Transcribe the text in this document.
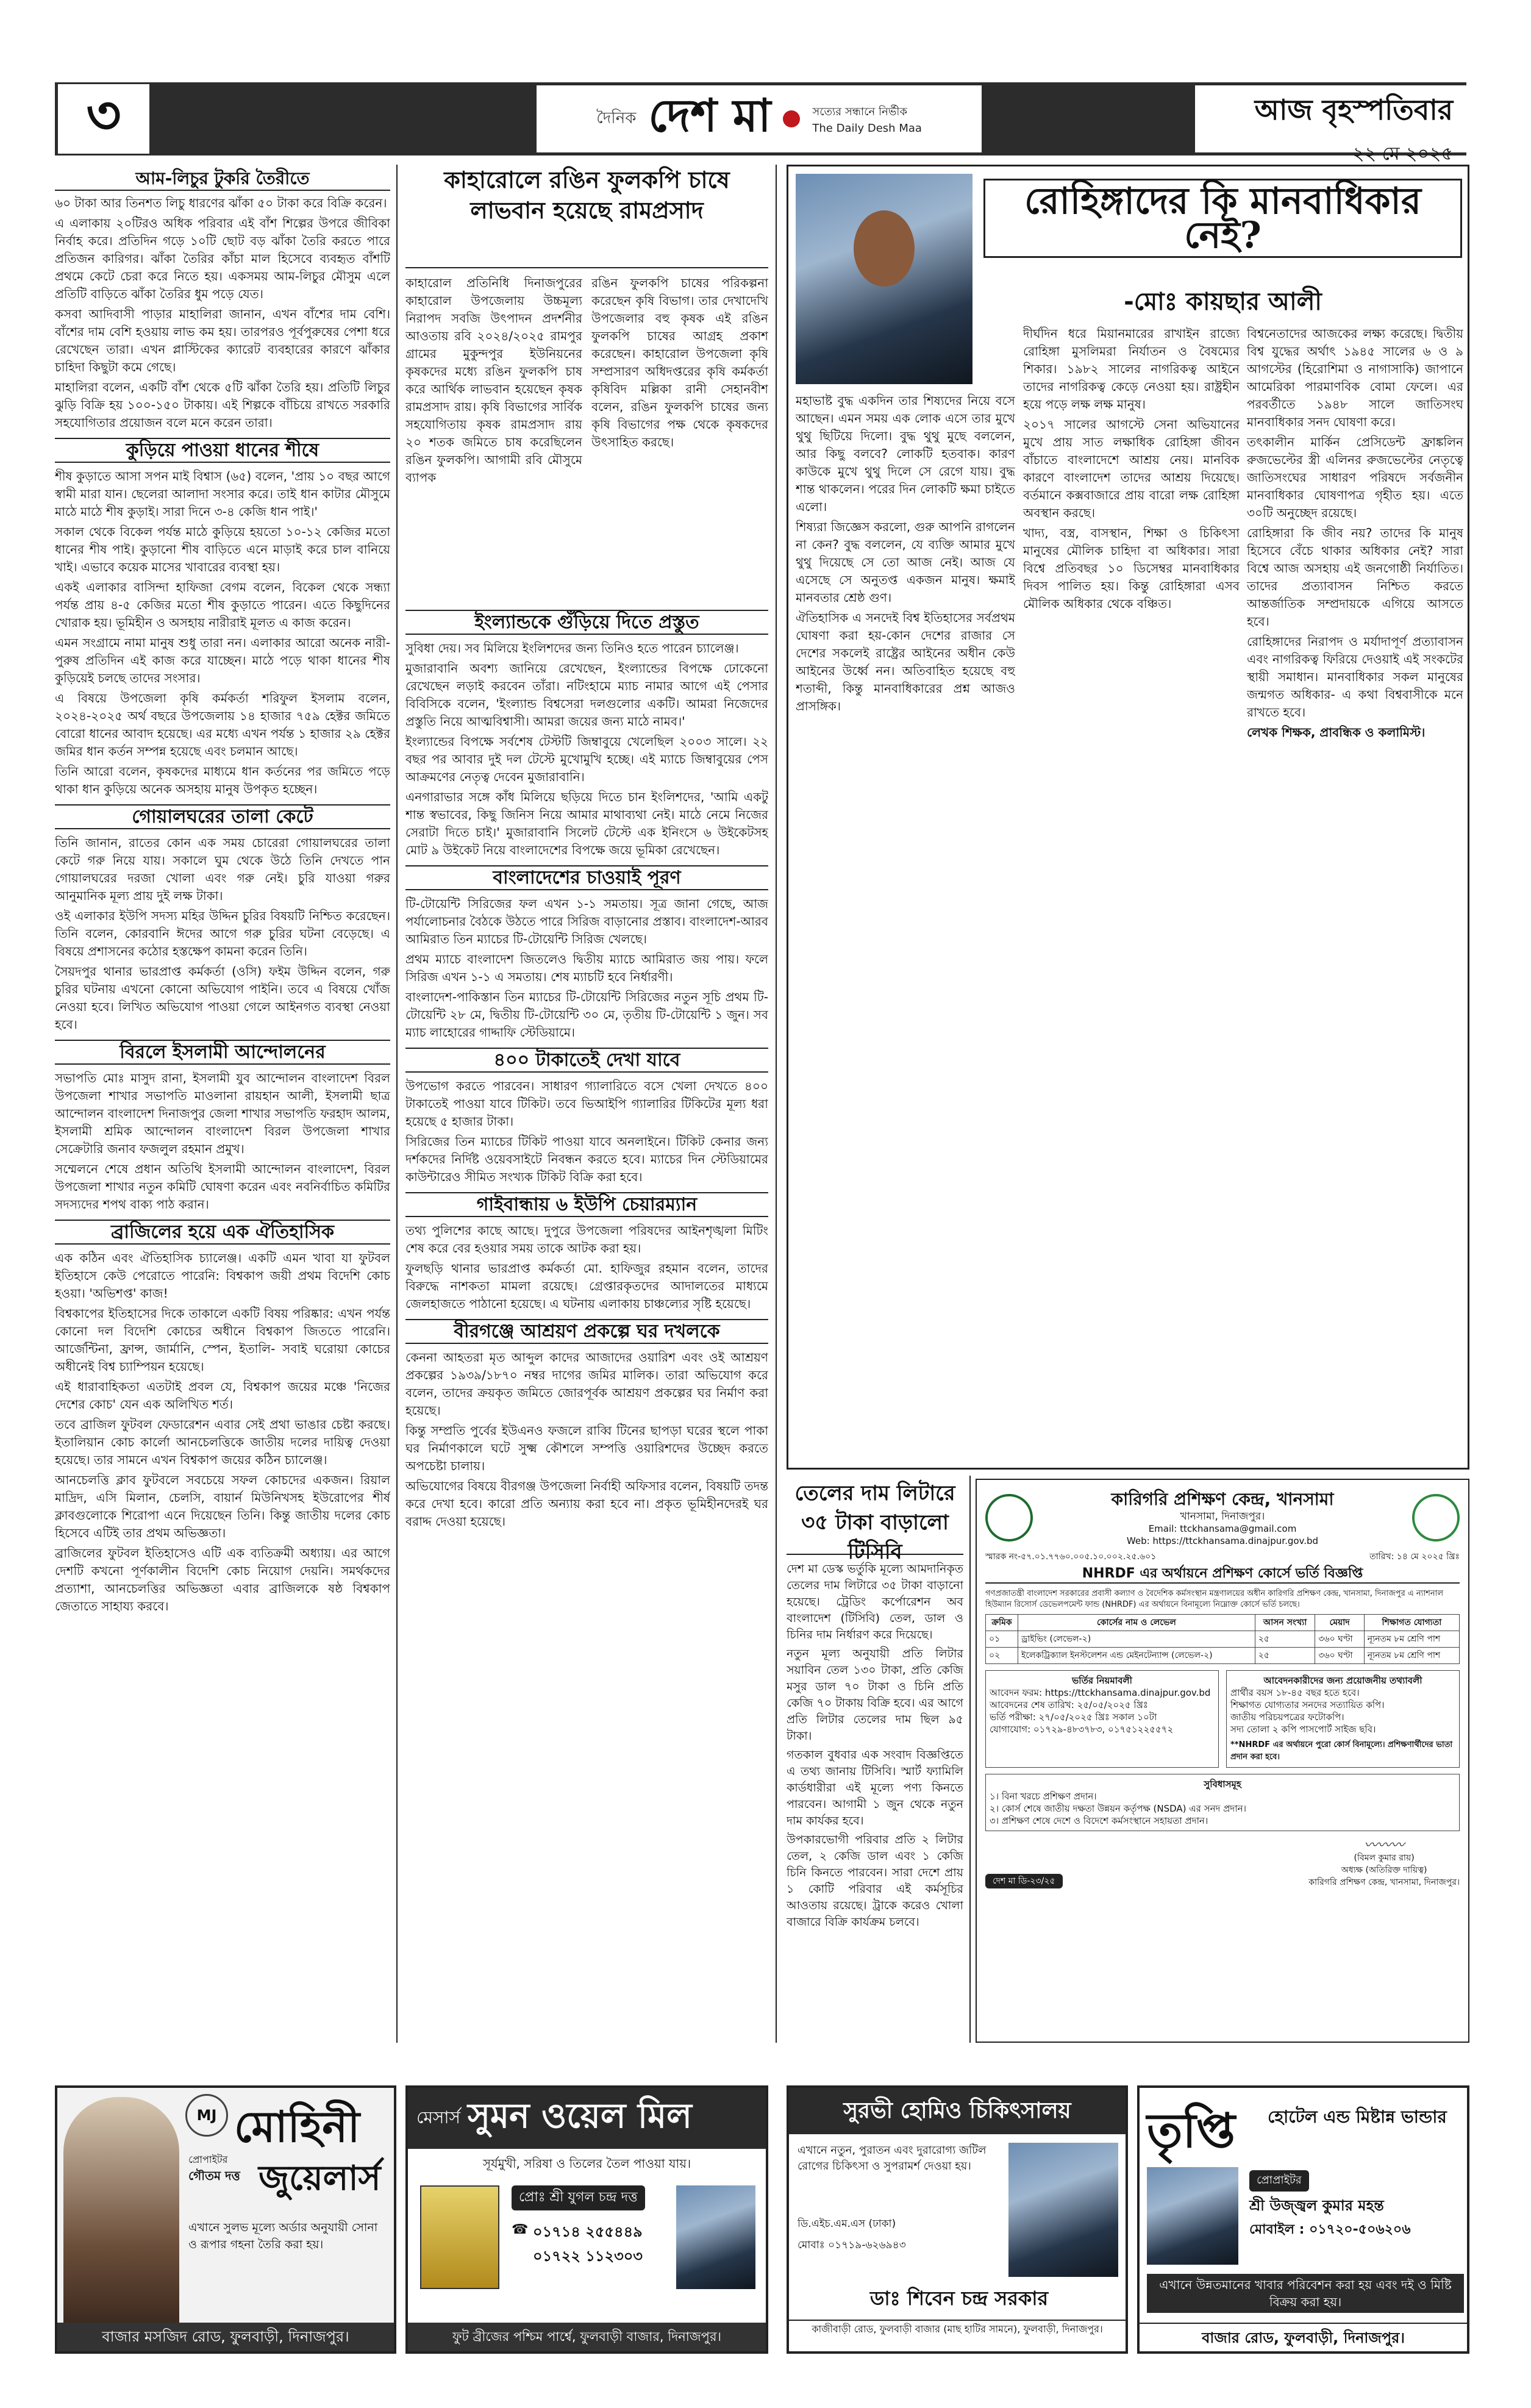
৩	দৈনিক দেশ মা	সত্যের সন্ধানে নির্ভীক
The Daily Desh Maa
আজ বৃহস্পতিবার
২২ মে ২০২৫
আম-লিচুর টুকরি তৈরীতে

৬০ টাকা আর তিনশত লিচু ধারণের ঝাঁকা ৫০ টাকা করে বিক্রি করেন।

এ এলাকায় ২০টিরও অধিক পরিবার এই বাঁশ শিল্পের উপরে জীবিকা নির্বাহ করে। প্রতিদিন গড়ে ১০টি ছোট বড় ঝাঁকা তৈরি করতে পারে প্রতিজন কারিগর। ঝাঁকা তৈরির কাঁচা মাল হিসেবে ব্যবহৃত বাঁশটি প্রথমে কেটে চেরা করে নিতে হয়। একসময় আম-লিচুর মৌসুম এলে প্রতিটি বাড়িতে ঝাঁকা তৈরির ধুম পড়ে যেত।

কসবা আদিবাসী পাড়ার মাহালিরা জানান, এখন বাঁশের দাম বেশি। বাঁশের দাম বেশি হওয়ায় লাভ কম হয়। তারপরও পূর্বপুরুষের পেশা ধরে রেখেছেন তারা। এখন প্লাস্টিকের ক্যারেট ব্যবহারের কারণে ঝাঁকার চাহিদা কিছুটা কমে গেছে।

মাহালিরা বলেন, একটি বাঁশ থেকে ৫টি ঝাঁকা তৈরি হয়। প্রতিটি লিচুর ঝুড়ি বিক্রি হয় ১০০-১৫০ টাকায়। এই শিল্পকে বাঁচিয়ে রাখতে সরকারি সহযোগিতার প্রয়োজন বলে মনে করেন তারা।

কুড়িয়ে পাওয়া ধানের শীষে

শীষ কুড়াতে আসা সপন মাই বিশ্বাস (৬৫) বলেন, 'প্রায় ১০ বছর আগে স্বামী মারা যান। ছেলেরা আলাদা সংসার করে। তাই ধান কাটার মৌসুমে মাঠে মাঠে শীষ কুড়াই। সারা দিনে ৩-৪ কেজি ধান পাই।'

সকাল থেকে বিকেল পর্যন্ত মাঠে কুড়িয়ে হয়তো ১০-১২ কেজির মতো ধানের শীষ পাই। কুড়ানো শীষ বাড়িতে এনে মাড়াই করে চাল বানিয়ে খাই। এভাবে কয়েক মাসের খাবারের ব্যবস্থা হয়।

একই এলাকার বাসিন্দা হাফিজা বেগম বলেন, বিকেল থেকে সন্ধ্যা পর্যন্ত প্রায় ৪-৫ কেজির মতো শীষ কুড়াতে পারেন। এতে কিছুদিনের খোরাক হয়। ভূমিহীন ও অসহায় নারীরাই মূলত এ কাজ করেন।

এমন সংগ্রামে নামা মানুষ শুধু তারা নন। এলাকার আরো অনেক নারী-পুরুষ প্রতিদিন এই কাজ করে যাচ্ছেন। মাঠে পড়ে থাকা ধানের শীষ কুড়িয়েই চলছে তাদের সংসার।

এ বিষয়ে উপজেলা কৃষি কর্মকর্তা শরিফুল ইসলাম বলেন, ২০২৪-২০২৫ অর্থ বছরে উপজেলায় ১৪ হাজার ৭৫৯ হেক্টর জমিতে বোরো ধানের আবাদ হয়েছে। এর মধ্যে এখন পর্যন্ত ১ হাজার ২৯ হেক্টর জমির ধান কর্তন সম্পন্ন হয়েছে এবং চলমান আছে।

তিনি আরো বলেন, কৃষকদের মাধ্যমে ধান কর্তনের পর জমিতে পড়ে থাকা ধান কুড়িয়ে অনেক অসহায় মানুষ উপকৃত হচ্ছেন।

গোয়ালঘরের তালা কেটে

তিনি জানান, রাতের কোন এক সময় চোরেরা গোয়ালঘরের তালা কেটে গরু নিয়ে যায়। সকালে ঘুম থেকে উঠে তিনি দেখতে পান গোয়ালঘরের দরজা খোলা এবং গরু নেই। চুরি যাওয়া গরুর আনুমানিক মূল্য প্রায় দুই লক্ষ টাকা।

ওই এলাকার ইউপি সদস্য মহির উদ্দিন চুরির বিষয়টি নিশ্চিত করেছেন। তিনি বলেন, কোরবানি ঈদের আগে গরু চুরির ঘটনা বেড়েছে। এ বিষয়ে প্রশাসনের কঠোর হস্তক্ষেপ কামনা করেন তিনি।

সৈয়দপুর থানার ভারপ্রাপ্ত কর্মকর্তা (ওসি) ফইম উদ্দিন বলেন, গরু চুরির ঘটনায় এখনো কোনো অভিযোগ পাইনি। তবে এ বিষয়ে খোঁজ নেওয়া হবে। লিখিত অভিযোগ পাওয়া গেলে আইনগত ব্যবস্থা নেওয়া হবে।

বিরলে ইসলামী আন্দোলনের

সভাপতি মোঃ মাসুদ রানা, ইসলামী যুব আন্দোলন বাংলাদেশ বিরল উপজেলা শাখার সভাপতি মাওলানা রায়হান আলী, ইসলামী ছাত্র আন্দোলন বাংলাদেশ দিনাজপুর জেলা শাখার সভাপতি ফরহাদ আলম, ইসলামী শ্রমিক আন্দোলন বাংলাদেশ বিরল উপজেলা শাখার সেক্রেটারি জনাব ফজলুল রহমান প্রমুখ।

সম্মেলনে শেষে প্রধান অতিথি ইসলামী আন্দোলন বাংলাদেশ, বিরল উপজেলা শাখার নতুন কমিটি ঘোষণা করেন এবং নবনির্বাচিত কমিটির সদস্যদের শপথ বাক্য পাঠ করান।

ব্রাজিলের হয়ে এক ঐতিহাসিক

এক কঠিন এবং ঐতিহাসিক চ্যালেঞ্জ। একটি এমন খাবা যা ফুটবল ইতিহাসে কেউ পেরোতে পারেনি: বিশ্বকাপ জয়ী প্রথম বিদেশি কোচ হওয়া। 'অভিশপ্ত' কাজ!

বিশ্বকাপের ইতিহাসের দিকে তাকালে একটি বিষয় পরিষ্কার: এখন পর্যন্ত কোনো দল বিদেশি কোচের অধীনে বিশ্বকাপ জিততে পারেনি। আর্জেন্টিনা, ফ্রান্স, জার্মানি, স্পেন, ইতালি- সবাই ঘরোয়া কোচের অধীনেই বিশ্ব চ্যাম্পিয়ন হয়েছে।

এই ধারাবাহিকতা এতটাই প্রবল যে, বিশ্বকাপ জয়ের মঞ্চে 'নিজের দেশের কোচ' যেন এক অলিখিত শর্ত।

তবে ব্রাজিল ফুটবল ফেডারেশন এবার সেই প্রথা ভাঙার চেষ্টা করছে। ইতালিয়ান কোচ কার্লো আনচেলত্তিকে জাতীয় দলের দায়িত্ব দেওয়া হয়েছে। তার সামনে এখন বিশ্বকাপ জয়ের কঠিন চ্যালেঞ্জ।

আনচেলত্তি ক্লাব ফুটবলে সবচেয়ে সফল কোচদের একজন। রিয়াল মাদ্রিদ, এসি মিলান, চেলসি, বায়ার্ন মিউনিখসহ ইউরোপের শীর্ষ ক্লাবগুলোকে শিরোপা এনে দিয়েছেন তিনি। কিন্তু জাতীয় দলের কোচ হিসেবে এটিই তার প্রথম অভিজ্ঞতা।

ব্রাজিলের ফুটবল ইতিহাসেও এটি এক ব্যতিক্রমী অধ্যায়। এর আগে দেশটি কখনো পূর্ণকালীন বিদেশি কোচ নিয়োগ দেয়নি। সমর্থকদের প্রত্যাশা, আনচেলত্তির অভিজ্ঞতা এবার ব্রাজিলকে ষষ্ঠ বিশ্বকাপ জেতাতে সাহায্য করবে।

কাহারোলে রঙিন ফুলকপি চাষে লাভবান হয়েছে রামপ্রসাদ

কাহারোল প্রতিনিধি দিনাজপুরের কাহারোল উপজেলায় উচ্চমূল্য নিরাপদ সবজি উৎপাদন প্রদর্শনীর আওতায় রবি ২০২৪/২০২৫ রামপুর গ্রামের মুকুন্দপুর ইউনিয়নের কৃষকদের মধ্যে রঙিন ফুলকপি চাষ করে আর্থিক লাভবান হয়েছেন কৃষক রামপ্রসাদ রায়। কৃষি বিভাগের সার্বিক সহযোগিতায় কৃষক রামপ্রসাদ রায় ২০ শতক জমিতে চাষ করেছিলেন রঙিন ফুলকপি। আগামী রবি মৌসুমে ব্যাপক

রঙিন ফুলকপি চাষের পরিকল্পনা করেছেন কৃষি বিভাগ। তার দেখাদেখি উপজেলার বহু কৃষক এই রঙিন ফুলকপি চাষের আগ্রহ প্রকাশ করেছেন। কাহারোল উপজেলা কৃষি সম্প্রসারণ অধিদপ্তরের কৃষি কর্মকর্তা কৃষিবিদ মল্লিকা রানী সেহানবীশ বলেন, রঙিন ফুলকপি চাষের জন্য কৃষি বিভাগের পক্ষ থেকে কৃষকদের উৎসাহিত করছে।

ইংল্যান্ডকে গুঁড়িয়ে দিতে প্রস্তুত

সুবিধা দেয়। সব মিলিয়ে ইংলিশদের জন্য তিনিও হতে পারেন চ্যালেঞ্জ।

মুজারাবানি অবশ্য জানিয়ে রেখেছেন, ইংল্যান্ডের বিপক্ষে ঢোকেনো রেখেছেন লড়াই করবেন তাঁরা। নটিংহামে ম্যাচ নামার আগে এই পেসার বিবিসিকে বলেন, 'ইংল্যান্ড বিশ্বসেরা দলগুলোর একটি। আমরা নিজেদের প্রস্তুতি নিয়ে আত্মবিশ্বাসী। আমরা জয়ের জন্য মাঠে নামব।'

ইংল্যান্ডের বিপক্ষে সর্বশেষ টেস্টটি জিম্বাবুয়ে খেলেছিল ২০০৩ সালে। ২২ বছর পর আবার দুই দল টেস্টে মুখোমুখি হচ্ছে। এই ম্যাচে জিম্বাবুয়ের পেস আক্রমণের নেতৃত্ব দেবেন মুজারাবানি।

এনগারাভার সঙ্গে কাঁধ মিলিয়ে ছড়িয়ে দিতে চান ইংলিশদের, 'আমি একটু শান্ত স্বভাবের, কিছু জিনিস নিয়ে আমার মাথাব্যথা নেই। মাঠে নেমে নিজের সেরাটা দিতে চাই।' মুজারাবানি সিলেট টেস্টে এক ইনিংসে ৬ উইকেটসহ মোট ৯ উইকেট নিয়ে বাংলাদেশের বিপক্ষে জয়ে ভূমিকা রেখেছেন।

বাংলাদেশের চাওয়াই পূরণ

টি-টোয়েন্টি সিরিজের ফল এখন ১-১ সমতায়। সূত্র জানা গেছে, আজ পর্যালোচনার বৈঠকে উঠতে পারে সিরিজ বাড়ানোর প্রস্তাব। বাংলাদেশ-আরব আমিরাত তিন ম্যাচের টি-টোয়েন্টি সিরিজ খেলছে।

প্রথম ম্যাচে বাংলাদেশ জিতলেও দ্বিতীয় ম্যাচে আমিরাত জয় পায়। ফলে সিরিজ এখন ১-১ এ সমতায়। শেষ ম্যাচটি হবে নির্ধারণী।

বাংলাদেশ-পাকিস্তান তিন ম্যাচের টি-টোয়েন্টি সিরিজের নতুন সূচি প্রথম টি-টোয়েন্টি ২৮ মে, দ্বিতীয় টি-টোয়েন্টি ৩০ মে, তৃতীয় টি-টোয়েন্টি ১ জুন। সব ম্যাচ লাহোরের গাদ্দাফি স্টেডিয়ামে।

৪০০ টাকাতেই দেখা যাবে

উপভোগ করতে পারবেন। সাধারণ গ্যালারিতে বসে খেলা দেখতে ৪০০ টাকাতেই পাওয়া যাবে টিকিট। তবে ভিআইপি গ্যালারির টিকিটের মূল্য ধরা হয়েছে ৫ হাজার টাকা।

সিরিজের তিন ম্যাচের টিকিট পাওয়া যাবে অনলাইনে। টিকিট কেনার জন্য দর্শকদের নির্দিষ্ট ওয়েবসাইটে নিবন্ধন করতে হবে। ম্যাচের দিন স্টেডিয়ামের কাউন্টারেও সীমিত সংখ্যক টিকিট বিক্রি করা হবে।

গাইবান্ধায় ৬ ইউপি চেয়ারম্যান

তথ্য পুলিশের কাছে আছে। দুপুরে উপজেলা পরিষদের আইনশৃঙ্খলা মিটিং শেষ করে বের হওয়ার সময় তাকে আটক করা হয়।

ফুলছড়ি থানার ভারপ্রাপ্ত কর্মকর্তা মো. হাফিজুর রহমান বলেন, তাদের বিরুদ্ধে নাশকতা মামলা রয়েছে। গ্রেপ্তারকৃতদের আদালতের মাধ্যমে জেলহাজতে পাঠানো হয়েছে। এ ঘটনায় এলাকায় চাঞ্চল্যের সৃষ্টি হয়েছে।

বীরগঞ্জে আশ্রয়ণ প্রকল্পে ঘর দখলকে

কেননা আহতরা মৃত আব্দুল কাদের আজাদের ওয়ারিশ এবং ওই আশ্রয়ণ প্রকল্পের ১৯৩৯/১৮৭০ নম্বর দাগের জমির মালিক। তারা অভিযোগ করে বলেন, তাদের ক্রয়কৃত জমিতে জোরপূর্বক আশ্রয়ণ প্রকল্পের ঘর নির্মাণ করা হয়েছে।

কিন্তু সম্প্রতি পুর্বের ইউএনও ফজলে রাব্বি টিনের ছাপড়া ঘরের স্থলে পাকা ঘর নির্মাণকালে ঘটে সুক্ষ্ম কৌশলে সম্পত্তি ওয়ারিশদের উচ্ছেদ করতে অপচেষ্টা চালায়।

অভিযোগের বিষয়ে বীরগঞ্জ উপজেলা নির্বাহী অফিসার বলেন, বিষয়টি তদন্ত করে দেখা হবে। কারো প্রতি অন্যায় করা হবে না। প্রকৃত ভূমিহীনদেরই ঘর বরাদ্দ দেওয়া হয়েছে।

রোহিঙ্গাদের কি মানবাধিকার নেই?
-মোঃ কায়ছার আলী

মহাভাষ্ট বুদ্ধ একদিন তার শিষ্যদের নিয়ে বসে আছেন। এমন সময় এক লোক এসে তার মুখে থুথু ছিটিয়ে দিলো। বুদ্ধ থুথু মুছে বললেন, আর কিছু বলবে? লোকটি হতবাক। কারণ কাউকে মুখে থুথু দিলে সে রেগে যায়। বুদ্ধ শান্ত থাকলেন। পরের দিন লোকটি ক্ষমা চাইতে এলো।

শিষ্যরা জিজ্ঞেস করলো, গুরু আপনি রাগলেন না কেন? বুদ্ধ বললেন, যে ব্যক্তি আমার মুখে থুথু দিয়েছে সে তো আজ নেই। আজ যে এসেছে সে অনুতপ্ত একজন মানুষ। ক্ষমাই মানবতার শ্রেষ্ঠ গুণ।

ঐতিহাসিক এ সনদেই বিশ্ব ইতিহাসের সর্বপ্রথম ঘোষণা করা হয়-কোন দেশের রাজার সে দেশের সকলেই রাষ্ট্রের আইনের অধীন কেউ আইনের উর্ধ্বে নন। অতিবাহিত হয়েছে বহু শতাব্দী, কিন্তু মানবাধিকারের প্রশ্ন আজও প্রাসঙ্গিক।

দীর্ঘদিন ধরে মিয়ানমারের রাখাইন রাজ্যে রোহিঙ্গা মুসলিমরা নির্যাতন ও বৈষম্যের শিকার। ১৯৮২ সালের নাগরিকত্ব আইনে তাদের নাগরিকত্ব কেড়ে নেওয়া হয়। রাষ্ট্রহীন হয়ে পড়ে লক্ষ লক্ষ মানুষ।

২০১৭ সালের আগস্টে সেনা অভিযানের মুখে প্রায় সাত লক্ষাধিক রোহিঙ্গা জীবন বাঁচাতে বাংলাদেশে আশ্রয় নেয়। মানবিক কারণে বাংলাদেশ তাদের আশ্রয় দিয়েছে। বর্তমানে কক্সবাজারে প্রায় বারো লক্ষ রোহিঙ্গা অবস্থান করছে।

খাদ্য, বস্ত্র, বাসস্থান, শিক্ষা ও চিকিৎসা মানুষের মৌলিক চাহিদা বা অধিকার। সারা বিশ্বে প্রতিবছর ১০ ডিসেম্বর মানবাধিকার দিবস পালিত হয়। কিন্তু রোহিঙ্গারা এসব মৌলিক অধিকার থেকে বঞ্চিত।

বিশ্বনেতাদের আজকের লক্ষ্য করেছে। দ্বিতীয় বিশ্ব যুদ্ধের অর্থাৎ ১৯৪৫ সালের ৬ ও ৯ আগস্টের (হিরোশিমা ও নাগাসাকি) জাপানে আমেরিকা পারমাণবিক বোমা ফেলে। এর পরবর্তীতে ১৯৪৮ সালে জাতিসংঘ মানবাধিকার সনদ ঘোষণা করে।

তৎকালীন মার্কিন প্রেসিডেন্ট ফ্রাঙ্কলিন রুজভেল্টের স্ত্রী এলিনর রুজভেল্টের নেতৃত্বে জাতিসংঘের সাধারণ পরিষদে সর্বজনীন মানবাধিকার ঘোষণাপত্র গৃহীত হয়। এতে ৩০টি অনুচ্ছেদ রয়েছে।

রোহিঙ্গারা কি জীব নয়? তাদের কি মানুষ হিসেবে বেঁচে থাকার অধিকার নেই? সারা বিশ্বে আজ অসহায় এই জনগোষ্ঠী নির্যাতিত। তাদের প্রত্যাবাসন নিশ্চিত করতে আন্তর্জাতিক সম্প্রদায়কে এগিয়ে আসতে হবে।

রোহিঙ্গাদের নিরাপদ ও মর্যাদাপূর্ণ প্রত্যাবাসন এবং নাগরিকত্ব ফিরিয়ে দেওয়াই এই সংকটের স্থায়ী সমাধান। মানবাধিকার সকল মানুষের জন্মগত অধিকার- এ কথা বিশ্ববাসীকে মনে রাখতে হবে।

লেখক শিক্ষক, প্রাবন্ধিক ও কলামিস্ট।

তেলের দাম লিটারে ৩৫ টাকা বাড়ালো টিসিবি

দেশ মা ডেস্ক ভর্তুকি মূল্যে আমদানিকৃত তেলের দাম লিটারে ৩৫ টাকা বাড়ানো হয়েছে। ট্রেডিং কর্পোরেশন অব বাংলাদেশ (টিসিবি) তেল, ডাল ও চিনির দাম নির্ধারণ করে দিয়েছে।

নতুন মূল্য অনুযায়ী প্রতি লিটার সয়াবিন তেল ১৩০ টাকা, প্রতি কেজি মসুর ডাল ৭০ টাকা ও চিনি প্রতি কেজি ৭০ টাকায় বিক্রি হবে। এর আগে প্রতি লিটার তেলের দাম ছিল ৯৫ টাকা।

গতকাল বুধবার এক সংবাদ বিজ্ঞপ্তিতে এ তথ্য জানায় টিসিবি। স্মার্ট ফ্যামিলি কার্ডধারীরা এই মূল্যে পণ্য কিনতে পারবেন। আগামী ১ জুন থেকে নতুন দাম কার্যকর হবে।

উপকারভোগী পরিবার প্রতি ২ লিটার তেল, ২ কেজি ডাল এবং ১ কেজি চিনি কিনতে পারবেন। সারা দেশে প্রায় ১ কোটি পরিবার এই কর্মসূচির আওতায় রয়েছে। ট্রাকে করেও খোলা বাজারে বিক্রি কার্যক্রম চলবে।

কারিগরি প্রশিক্ষণ কেন্দ্র, খানসামা
খানসামা, দিনাজপুর।
Email: ttckhansama@gmail.com
Web: https://ttckhansama.dinajpur.gov.bd
স্মারক নং-৫৭.০১.৭৭৬০.০০৫.১০.০০২.২৫.৬০১	তারিখ: ১৪ মে ২০২৫ খ্রিঃ
NHRDF এর অর্থায়নে প্রশিক্ষণ কোর্সে ভর্তি বিজ্ঞপ্তি
গণপ্রজাতন্ত্রী বাংলাদেশ সরকারের প্রবাসী কল্যাণ ও বৈদেশিক কর্মসংস্থান মন্ত্রণালয়ের অধীন কারিগরি প্রশিক্ষণ কেন্দ্র, খানসামা, দিনাজপুর এ ন্যাশনাল হিউম্যান রিসোর্স ডেভেলপমেন্ট ফান্ড (NHRDF) এর অর্থায়নে বিনামূল্যে নিম্নোক্ত কোর্সে ভর্তি চলছে।
ক্রমিক	কোর্সের নাম ও লেভেল	আসন সংখ্যা	মেয়াদ	শিক্ষাগত যোগ্যতা
০১	ড্রাইভিং (লেভেল-২)	২৫	৩৬০ ঘণ্টা	ন্যূনতম ৮ম শ্রেণি পাশ
০২	ইলেকট্রিক্যাল ইনস্টলেশন এন্ড মেইনটেন্যান্স (লেভেল-২)	২৫	৩৬০ ঘণ্টা	ন্যূনতম ৮ম শ্রেণি পাশ
ভর্তির নিয়মাবলী
আবেদন ফরম: https://ttckhansama.dinajpur.gov.bd
আবেদনের শেষ তারিখ: ২৫/০৫/২০২৫ খ্রিঃ
ভর্তি পরীক্ষা: ২৭/০৫/২০২৫ খ্রিঃ সকাল ১০টা
যোগাযোগ: ০১৭২৯-৪৮৩৭৮৩, ০১৭৫১২২৫৫৭২
আবেদনকারীদের জন্য প্রয়োজনীয় তথ্যাবলী
প্রার্থীর বয়স ১৮-৪৫ বছর হতে হবে।
শিক্ষাগত যোগ্যতার সনদের সত্যায়িত কপি।
জাতীয় পরিচয়পত্রের ফটোকপি।
সদ্য তোলা ২ কপি পাসপোর্ট সাইজ ছবি।
**NHRDF এর অর্থায়নে পুরো কোর্স বিনামূল্যে। প্রশিক্ষণার্থীদের ভাতা প্রদান করা হবে।
সুবিধাসমূহ
১। বিনা খরচে প্রশিক্ষণ প্রদান।
২। কোর্স শেষে জাতীয় দক্ষতা উন্নয়ন কর্তৃপক্ষ (NSDA) এর সনদ প্রদান।
৩। প্রশিক্ষণ শেষে দেশে ও বিদেশে কর্মসংস্থানে সহায়তা প্রদান।
দেশ মা ডি-২৩/২৫
〰〰〰
(বিমল কুমার রায়)
অধ্যক্ষ (অতিরিক্ত দায়িত্ব)
কারিগরি প্রশিক্ষণ কেন্দ্র, খানসামা, দিনাজপুর।
MJ মোহিনী
প্রোপাইটর
গৌতম দত্ত জুয়েলার্স
এখানে সুলভ মূল্যে অর্ডার অনুযায়ী সোনা ও রূপার গহনা তৈরি করা হয়।
বাজার মসজিদ রোড, ফুলবাড়ী, দিনাজপুর।
মেসার্স সুমন ওয়েল মিল
সূর্যমুখী, সরিষা ও তিলের তৈল পাওয়া যায়।
প্রোঃ শ্রী যুগল চন্দ্র দত্ত
☎ ০১৭১৪ ২৫৫৪৪৯
০১৭২২ ১১২৩০৩
ফুট ব্রীজের পশ্চিম পার্শ্বে, ফুলবাড়ী বাজার, দিনাজপুর।
সুরভী হোমিও চিকিৎসালয়
এখানে নতুন, পুরাতন এবং দুরারোগ্য জটিল রোগের চিকিৎসা ও সুপরামর্শ দেওয়া হয়।
ডি.এইচ.এম.এস (ঢাকা)
মোবাঃ ০১৭১৯-৬২৬৯৪৩
ডাঃ শিবেন চন্দ্র সরকার
কাজীবাড়ী রোড, ফুলবাড়ী বাজার (মাছ হাটির সামনে), ফুলবাড়ী, দিনাজপুর।
তৃপ্তি হোটেল এন্ড মিষ্টান্ন ভান্ডার
প্রোপ্রাইটর
শ্রী উজ্জ্বল কুমার মহন্ত
মোবাইল : ০১৭২০-৫০৬২০৬
এখানে উন্নতমানের খাবার পরিবেশন করা হয় এবং দই ও মিষ্টি বিক্রয় করা হয়।
বাজার রোড, ফুলবাড়ী, দিনাজপুর।
